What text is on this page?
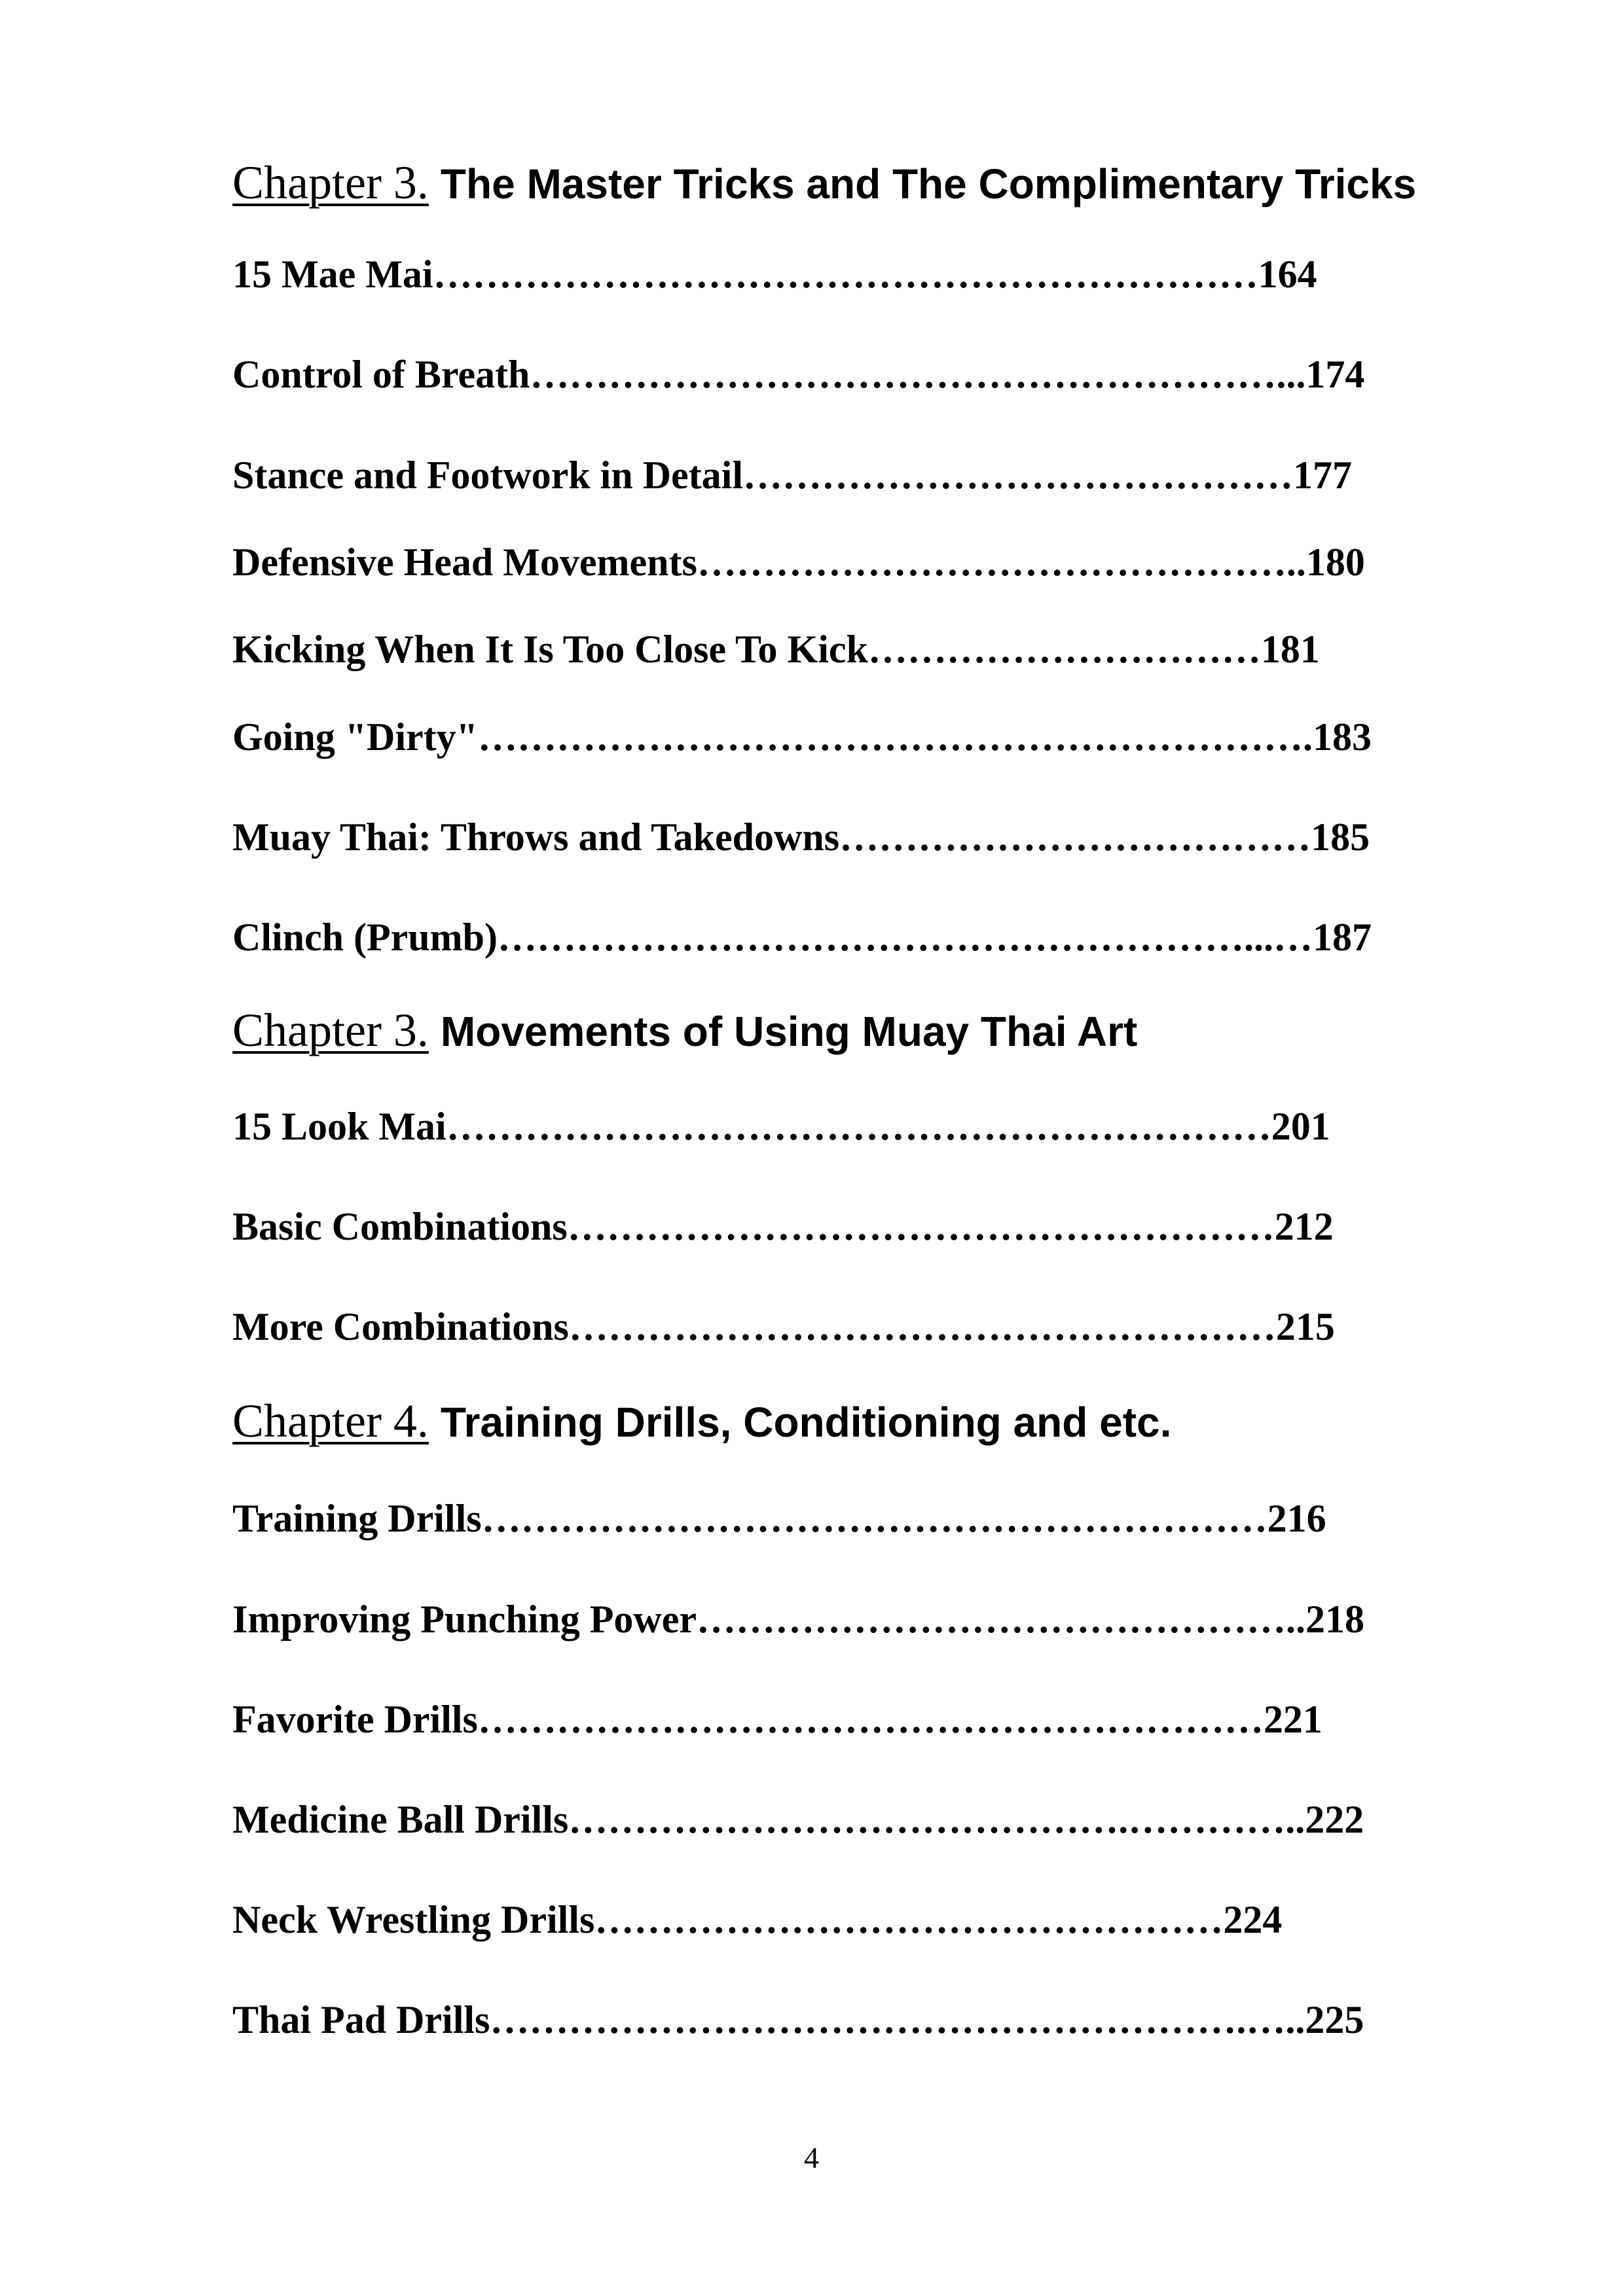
Chapter 3. The Master Tricks and The Complimentary Tricks
15 Mae Mai………………………………………………………164
Control of Breath…………………………………………………...174
Stance and Footwork in Detail……………………………………177
Defensive Head Movements………………………………………..180
Kicking When It Is Too Close To Kick…………………………181
Going "Dirty"……………………………………………………….183
Muay Thai: Throws and Takedowns………………………………185
Clinch (Prumb)…………………………………………………...…187
Chapter 3. Movements of Using Muay Thai Art
15 Look Mai………………………………………………………201
Basic Combinations………………………………………………212
More Combinations………………………………………………215
Chapter 4. Training Drills, Conditioning and etc.
Training Drills……………………………………………………216
Improving Punching Power………………………………………..218
Favorite Drills……………………………………………………221
Medicine Ball Drills…………………………………….…………..222
Neck Wrestling Drills…………………………………………224
Thai Pad Drills………………………………………………….…..225
4
